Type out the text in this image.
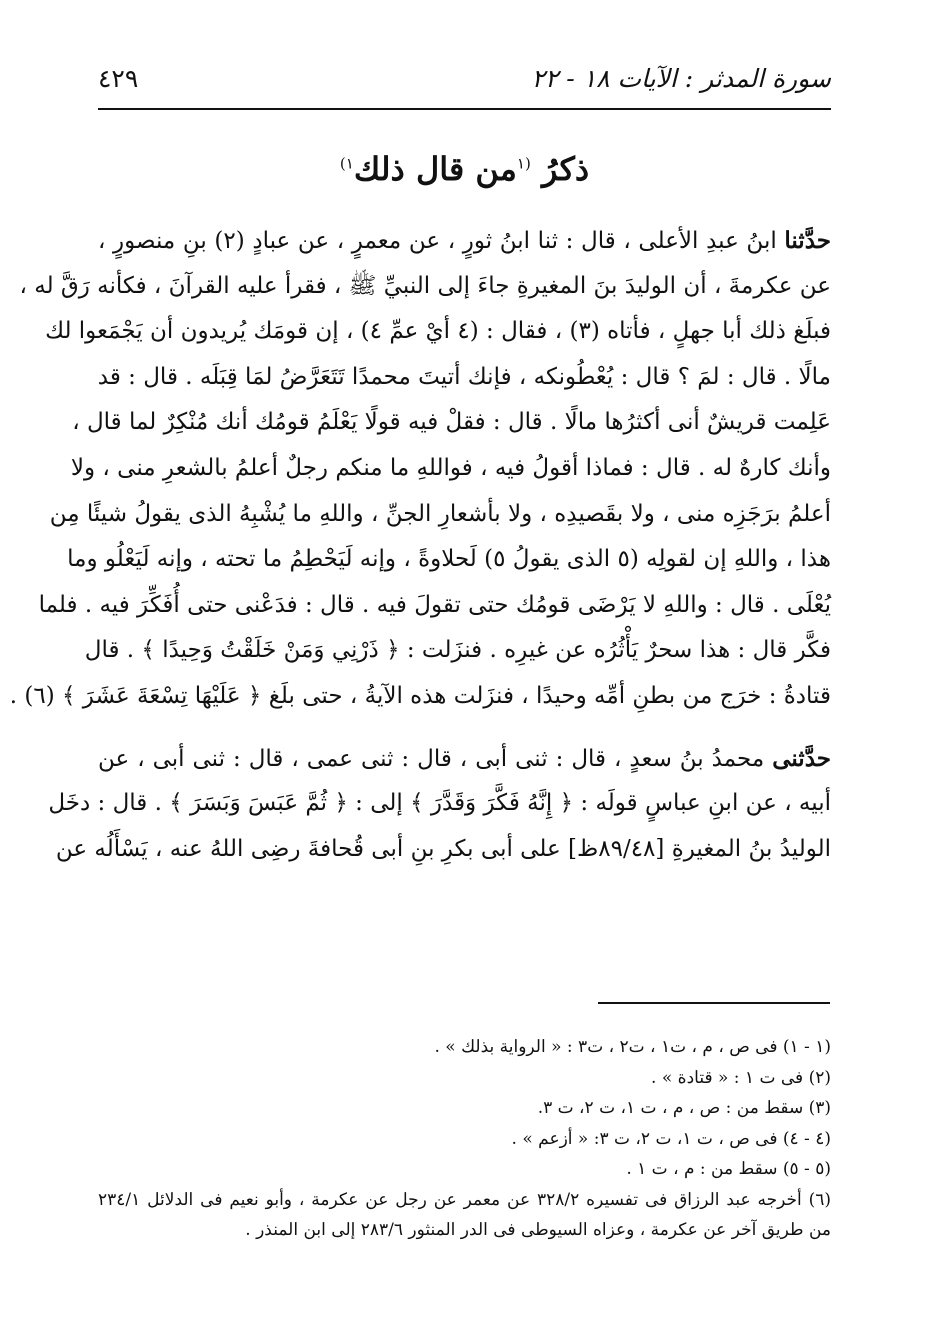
سورة المدثر : الآيات ١٨ - ٢٢
٤٢٩
ذكرُ $^{(١}$من قال ذلك$^{١)}$
حدَّثنا ابنُ عبدِ الأعلى ، قال : ثنا ابنُ ثورٍ ، عن معمرٍ ، عن عبادٍ (٢) بنِ منصورٍ ،
عن عكرمةَ ، أن الوليدَ بنَ المغيرةِ جاءَ إلى النبيِّ ﷺ ، فقرأ عليه القرآنَ ، فكأنه رَقَّ له ،
فبلَغ ذلك أبا جهلٍ ، فأتاه (٣) ، فقال : (٤ أيْ عمِّ ٤) ، إن قومَك يُريدون أن يَجْمَعوا لك
مالًا . قال : لمَ ؟ قال : يُعْطُونكه ، فإنك أتيتَ محمدًا تَتَعَرَّضُ لمَا قِبَلَه . قال : قد
عَلِمت قريشٌ أنى أكثرُها مالًا . قال : فقلْ فيه قولًا يَعْلَمُ قومُك أنك مُنْكِرٌ لما قال ،
وأنك كارهٌ له . قال : فماذا أقولُ فيه ، فواللهِ ما منكم رجلٌ أعلمُ بالشعرِ منى ، ولا
أعلمُ برَجَزِه منى ، ولا بقَصيدِه ، ولا بأشعارِ الجنِّ ، واللهِ ما يُشْبِهُ الذى يقولُ شيئًا مِن
هذا ، واللهِ إن لقولِه (٥ الذى يقولُ ٥) لَحلاوةً ، وإنه لَيَحْطِمُ ما تحته ، وإنه لَيَعْلُو وما
يُعْلَى . قال : واللهِ لا يَرْضَى قومُك حتى تقولَ فيه . قال : فدَعْنى حتى أُفَكِّرَ فيه . فلما
فكَّر قال : هذا سحرٌ يَأْثُرُه عن غيرِه . فنزَلت : ﴿ ذَرْنِي وَمَنْ خَلَقْتُ وَحِيدًا ﴾ . قال
قتادةُ : خرَج من بطنِ أمِّه وحيدًا ، فنزَلت هذه الآيةُ ، حتى بلَغ ﴿ عَلَيْهَا تِسْعَةَ عَشَرَ ﴾ (٦) .
حدَّثنى محمدُ بنُ سعدٍ ، قال : ثنى أبى ، قال : ثنى عمى ، قال : ثنى أبى ، عن
أبيه ، عن ابنِ عباسٍ قولَه : ﴿ إِنَّهُ فَكَّرَ وَقَدَّرَ ﴾ إلى : ﴿ ثُمَّ عَبَسَ وَبَسَرَ ﴾ . قال : دخَل
الوليدُ بنُ المغيرةِ [٨٩/٤٨ظ] على أبى بكرِ بنِ أبى قُحافةَ رضِى اللهُ عنه ، يَسْأَلُه عن
(١ - ١) فى ص ، م ، ت١ ، ت٢ ، ت٣ : « الرواية بذلك » .
(٢) فى ت ١ : « قتادة » .
(٣) سقط من : ص ، م ، ت ١، ت ٢، ت ٣.
(٤ - ٤) فى ص ، ت ١، ت ٢، ت ٣: « أزعم » .
(٥ - ٥) سقط من : م ، ت ١ .
(٦) أخرجه عبد الرزاق فى تفسيره ٣٢٨/٢ عن معمر عن رجل عن عكرمة ، وأبو نعيم فى الدلائل ٢٣٤/١
من طريق آخر عن عكرمة ، وعزاه السيوطى فى الدر المنثور ٢٨٣/٦ إلى ابن المنذر .
